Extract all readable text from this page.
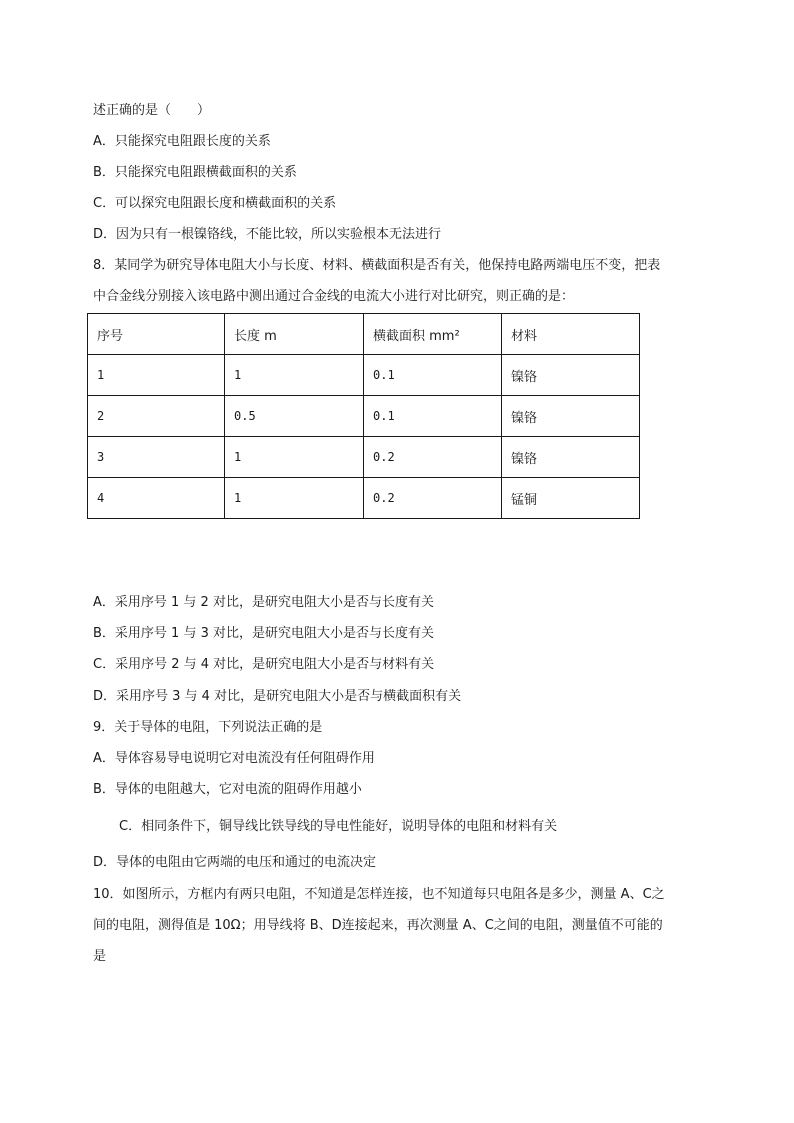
述正确的是（　　）
A．只能探究电阻跟长度的关系
B．只能探究电阻跟横截面积的关系
C．可以探究电阻跟长度和横截面积的关系
D．因为只有一根镍铬线，不能比较，所以实验根本无法进行
8．某同学为研究导体电阻大小与长度、材料、横截面积是否有关，他保持电路两端电压不变，把表
中合金线分别接入该电路中测出通过合金线的电流大小进行对比研究，则正确的是：
序号	长度 m	横截面积 mm²	材料
1	1	0.1	镍铬
2	0.5	0.1	镍铬
3	1	0.2	镍铬
4	1	0.2	锰铜
A．采用序号 1 与 2 对比，是研究电阻大小是否与长度有关
B．采用序号 1 与 3 对比，是研究电阻大小是否与长度有关
C．采用序号 2 与 4 对比，是研究电阻大小是否与材料有关
D．采用序号 3 与 4 对比，是研究电阻大小是否与横截面积有关
9．关于导体的电阻，下列说法正确的是
A．导体容易导电说明它对电流没有任何阻碍作用
B．导体的电阻越大，它对电流的阻碍作用越小
C．相同条件下，铜导线比铁导线的导电性能好，说明导体的电阻和材料有关
D．导体的电阻由它两端的电压和通过的电流决定
10．如图所示，方框内有两只电阻，不知道是怎样连接，也不知道每只电阻各是多少，测量 A、C之
间的电阻，测得值是 10Ω；用导线将 B、D连接起来，再次测量 A、C之间的电阻，测量值不可能的
是
